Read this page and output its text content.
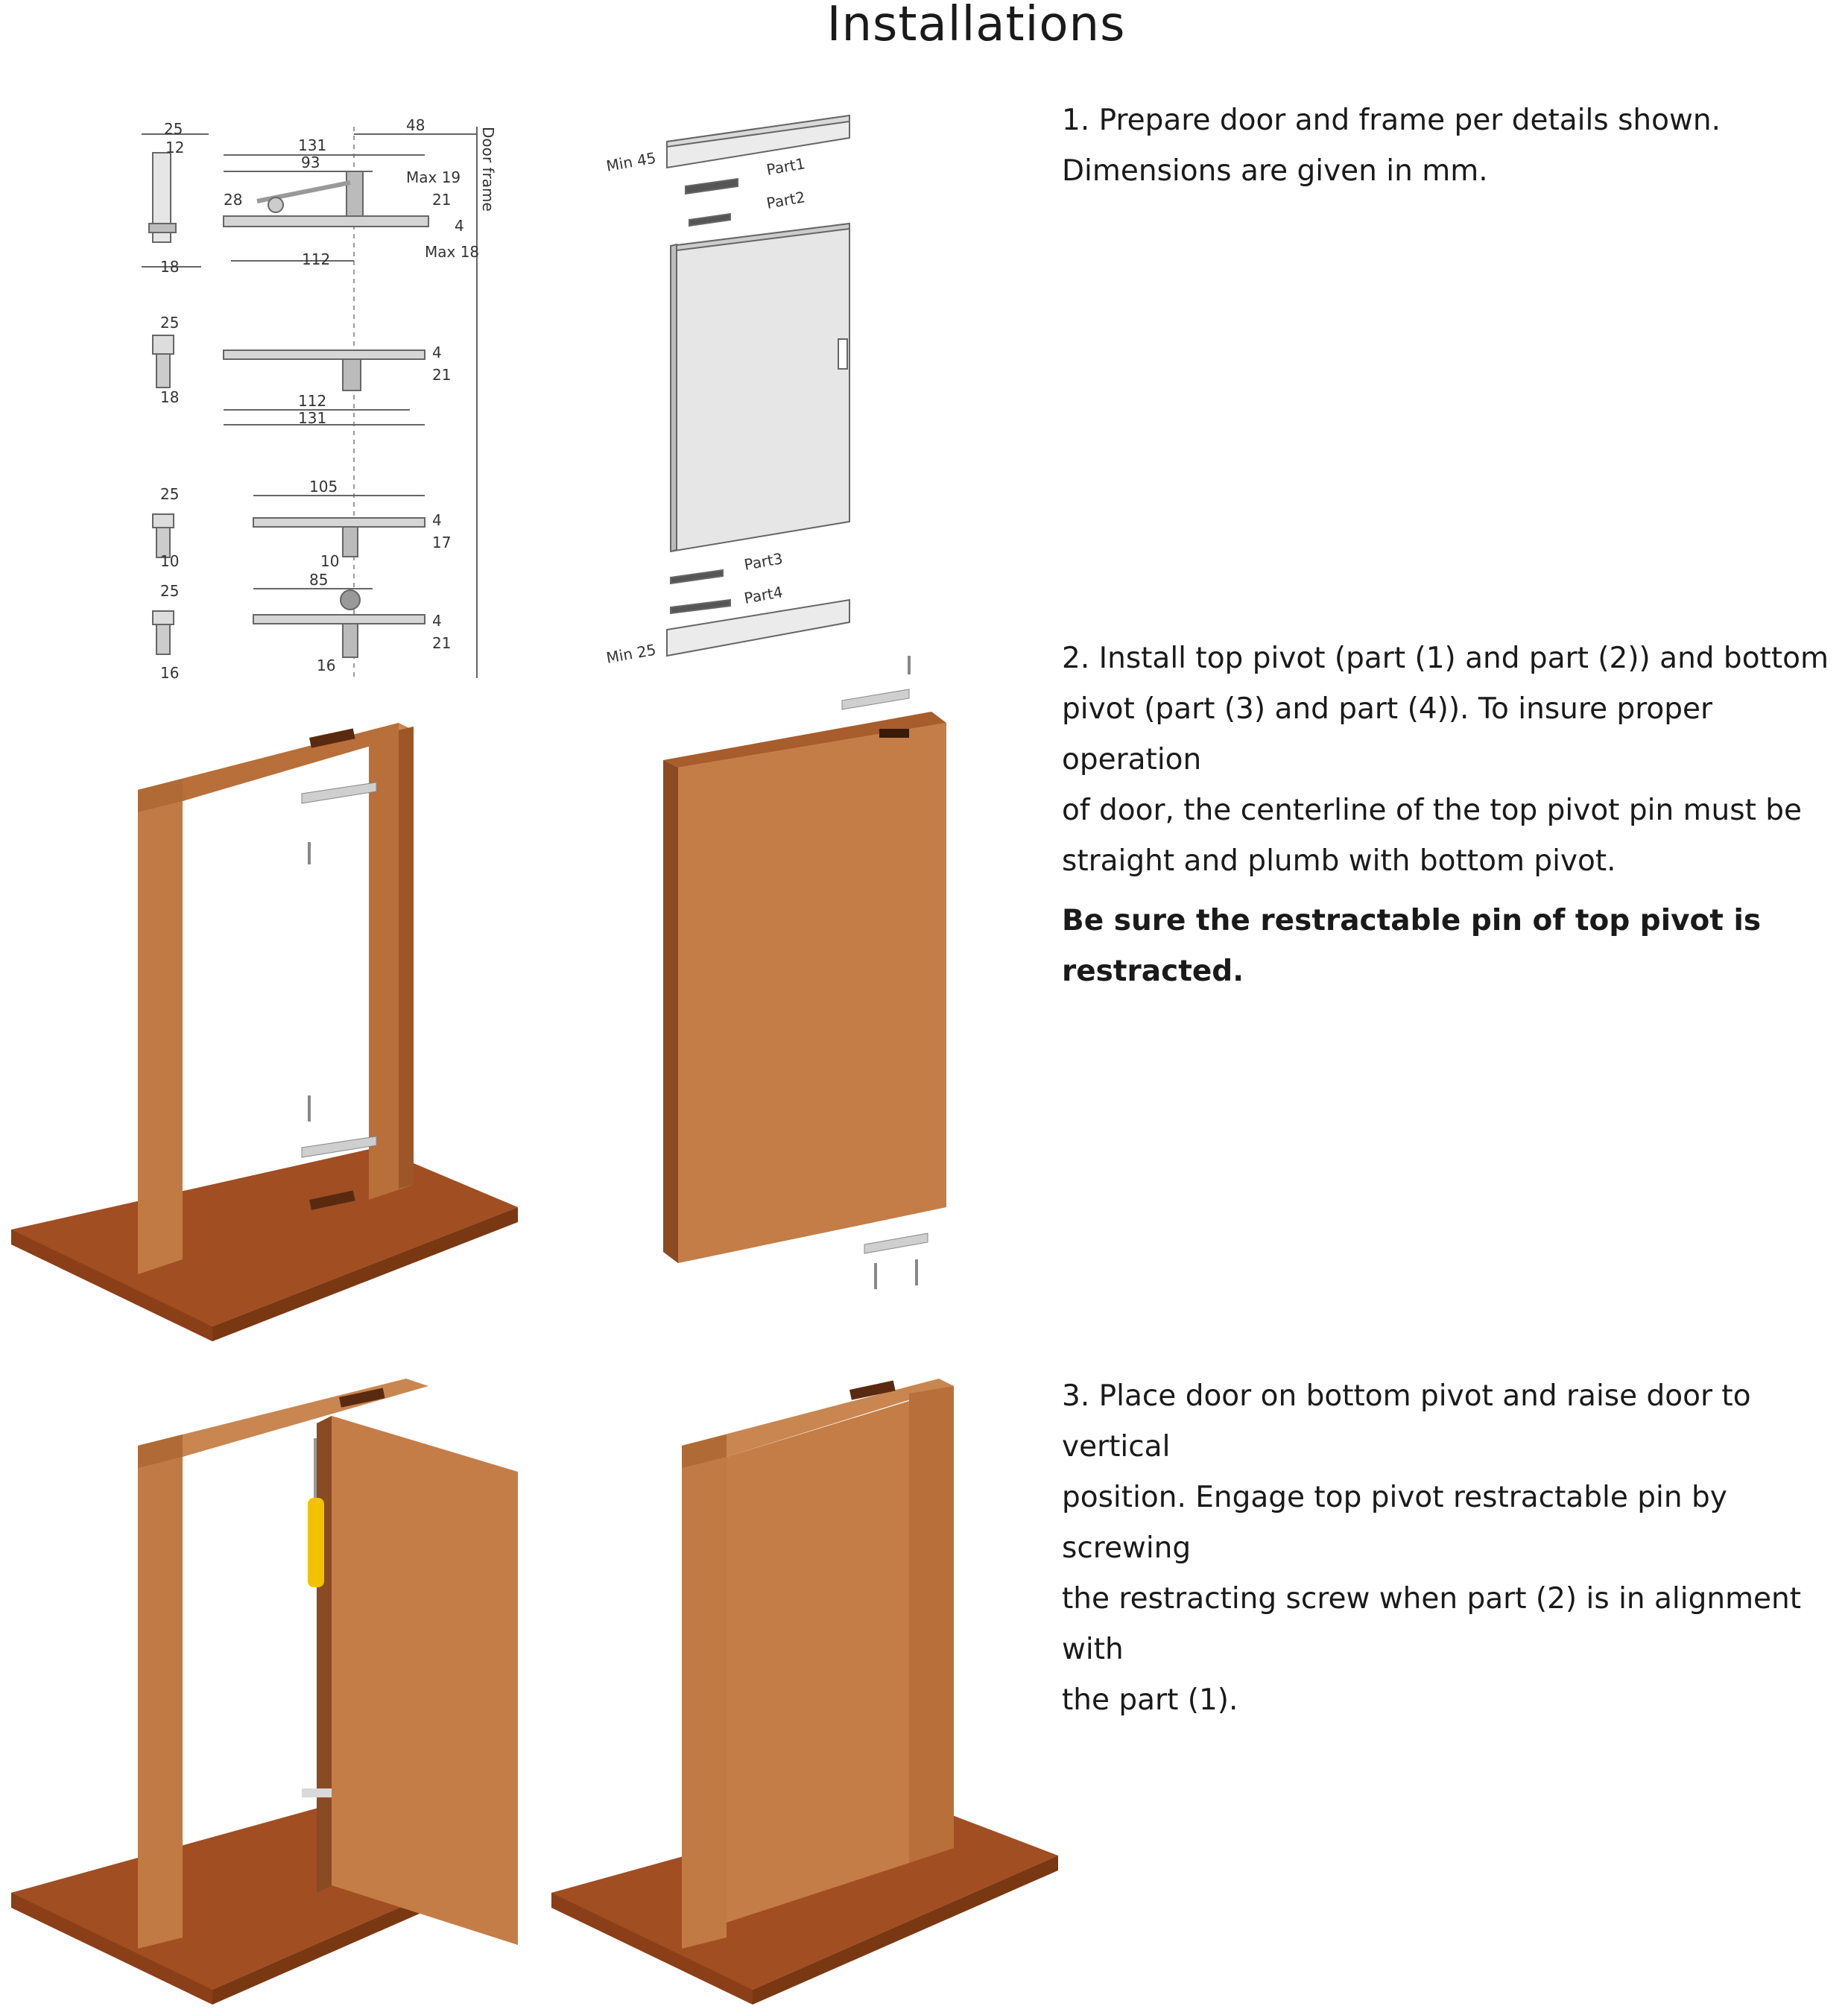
Installations
25
12	131
93
48
Max 19
28	21
4
Max 18
112
18
Door frame
25
4
21
18	112
131
105
25
4
17
10	10
85
25
4
21
16	16
Min 45	Part1
Part2
Part3
Part4
Min 25

1. Prepare door and frame per details shown.

Dimensions are given in mm.

2. Install top pivot (part (1) and part (2)) and bottom

pivot (part (3) and part (4)). To insure proper operation

of door, the centerline of the top pivot pin must be

straight and plumb with bottom pivot.

Be sure the restractable pin of top pivot is restracted.

3. Place door on bottom pivot and raise door to vertical

position. Engage top pivot restractable pin by screwing

the restracting screw when part (2) is in alignment with

the part (1).
